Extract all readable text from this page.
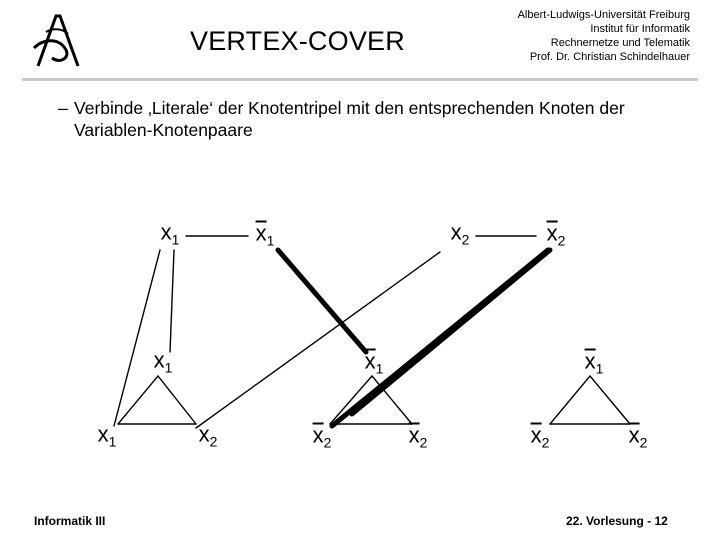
VERTEX-COVER
Albert-Ludwigs-Universität Freiburg
Institut für Informatik
Rechnernetze und Telematik
Prof. Dr. Christian Schindelhauer
– Verbinde ‚Literale‘ der Knotentripel mit den entsprechenden Knoten der Variablen-Knotenpaare
$x_1$	$x_1$	$x_2$	$x_2$
$x_1$
$x_1$	$x_2$
$x_1$
$x_2$	$x_2$
$x_1$
$x_2$	$x_2$
Informatik III	22. Vorlesung - 12
